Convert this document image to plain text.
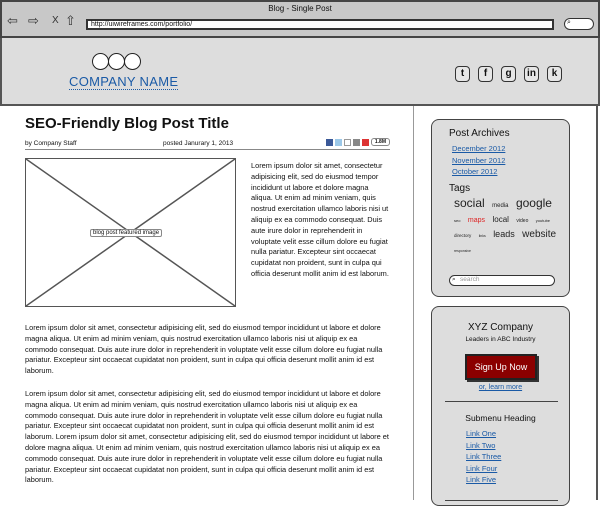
Blog - Single Post
⇦ ⇨ X ⇧	http://uiwireframes.com/portfolio/	⌕
COMPANY NAME
t	f	g	in	k
SEO-Friendly Blog Post Title
by Company Staff	posted Janurary 1, 2013	1.8M
blog post featured image

Lorem ipsum dolor sit amet, consectetur adipisicing elit, sed do eiusmod tempor incididunt ut labore et dolore magna aliqua. Ut enim ad minim veniam, quis nostrud exercitation ullamco laboris nisi ut aliquip ex ea commodo consequat. Duis aute irure dolor in reprehenderit in voluptate velit esse cillum dolore eu fugiat nulla pariatur. Excepteur sint occaecat cupidatat non proident, sunt in culpa qui officia deserunt mollit anim id est laborum.

Lorem ipsum dolor sit amet, consectetur adipisicing elit, sed do eiusmod tempor incididunt ut labore et dolore magna aliqua. Ut enim ad minim veniam, quis nostrud exercitation ullamco laboris nisi ut aliquip ex ea commodo consequat. Duis aute irure dolor in reprehenderit in voluptate velit esse cillum dolore eu fugiat nulla pariatur. Excepteur sint occaecat cupidatat non proident, sunt in culpa qui officia deserunt mollit anim id est laborum.

Lorem ipsum dolor sit amet, consectetur adipisicing elit, sed do eiusmod tempor incididunt ut labore et dolore magna aliqua. Ut enim ad minim veniam, quis nostrud exercitation ullamco laboris nisi ut aliquip ex ea commodo consequat. Duis aute irure dolor in reprehenderit in voluptate velit esse cillum dolore eu fugiat nulla pariatur. Excepteur sint occaecat cupidatat non proident, sunt in culpa qui officia deserunt mollit anim id est laborum. Lorem ipsum dolor sit amet, consectetur adipisicing elit, sed do eiusmod tempor incididunt ut labore et dolore magna aliqua. Ut enim ad minim veniam, quis nostrud exercitation ullamco laboris nisi ut aliquip ex ea commodo consequat. Duis aute irure dolor in reprehenderit in voluptate velit esse cillum dolore eu fugiat nulla pariatur. Excepteur sint occaecat cupidatat non proident, sunt in culpa qui officia deserunt mollit anim id est laborum.

Post Archives
December 2012
November 2012
October 2012
Tags
social media google seo maps local video youtube directory links leads website responsive
⌕ search
XYZ Company
Leaders in ABC Industry
Sign Up Now
or, learn more
Submenu Heading
Link One
Link Two
Link Three
Link Four
Link Five
